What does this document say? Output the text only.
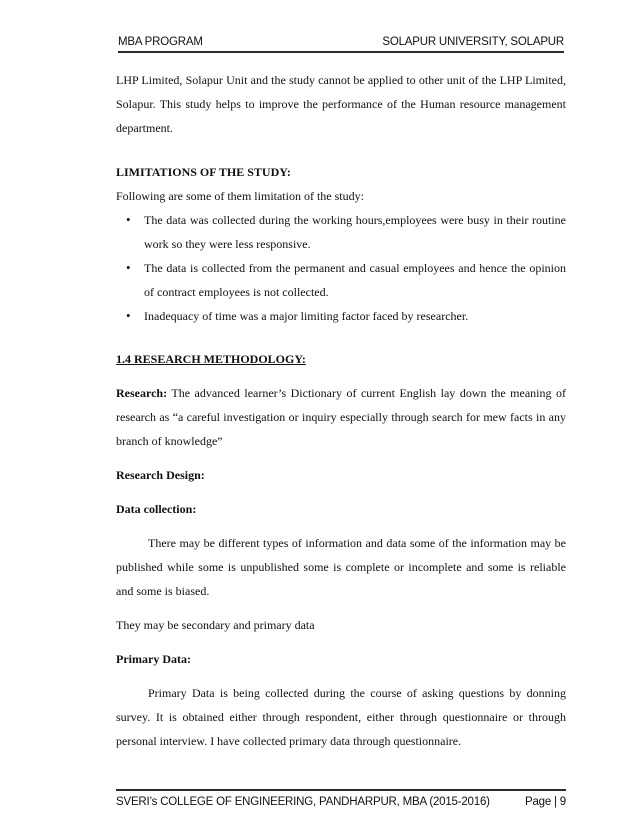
MBA PROGRAM	SOLAPUR UNIVERSITY, SOLAPUR

LHP Limited, Solapur Unit and the study cannot be applied to other unit of the LHP Limited, Solapur. This study helps to improve the performance of the Human resource management department.

LIMITATIONS OF THE STUDY:

Following are some of them limitation of the study:

• The data was collected during the working hours,employees were busy in their routine work so they were less responsive.
• The data is collected from the permanent and casual employees and hence the opinion of contract employees is not collected.
• Inadequacy of time was a major limiting factor faced by researcher.

1.4 RESEARCH METHODOLOGY:

Research: The advanced learner’s Dictionary of current English lay down the meaning of research as “a careful investigation or inquiry especially through search for mew facts in any branch of knowledge”

Research Design:

Data collection:

There may be different types of information and data some of the information may be published while some is unpublished some is complete or incomplete and some is reliable and some is biased.

They may be secondary and primary data

Primary Data:

Primary Data is being collected during the course of asking questions by donning survey. It is obtained either through respondent, either through questionnaire or through personal interview. I have collected primary data through questionnaire.

SVERI’s COLLEGE OF ENGINEERING, PANDHARPUR, MBA (2015-2016)	Page | 9
